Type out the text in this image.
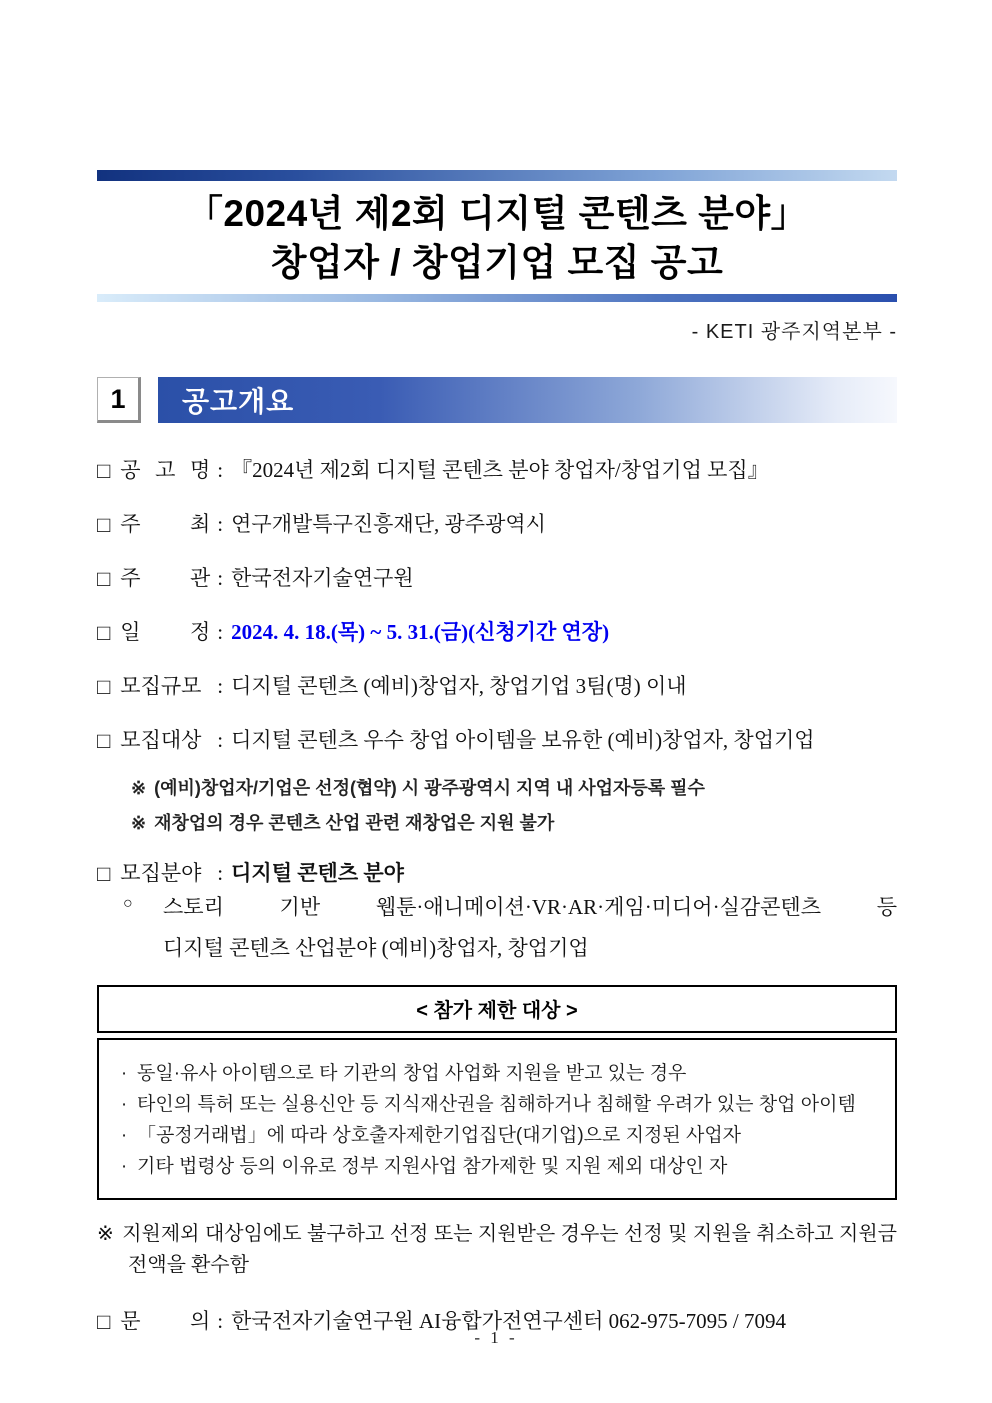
「2024년 제2회 디지털 콘텐츠 분야」
창업자 / 창업기업 모집 공고
- KETI 광주지역본부 -
1	공고개요
□ 공 고 명 : 『2024년 제2회 디지털 콘텐츠 분야 창업자/창업기업 모집』
□ 주 최 : 연구개발특구진흥재단, 광주광역시
□ 주 관 : 한국전자기술연구원
□ 일 정 : 2024. 4. 18.(목) ~ 5. 31.(금)(신청기간 연장)
□ 모집규모 : 디지털 콘텐츠 (예비)창업자, 창업기업 3팀(명) 이내
□ 모집대상 : 디지털 콘텐츠 우수 창업 아이템을 보유한 (예비)창업자, 창업기업
※ (예비)창업자/기업은 선정(협약) 시 광주광역시 지역 내 사업자등록 필수
※ 재창업의 경우 콘텐츠 산업 관련 재창업은 지원 불가
□ 모집분야 : 디지털 콘텐츠 분야
○	스토리 기반 웹툰·애니메이션·VR·AR·게임·미디어·실감콘텐츠 등
디지털 콘텐츠 산업분야 (예비)창업자, 창업기업
< 참가 제한 대상 >
· 동일·유사 아이템으로 타 기관의 창업 사업화 지원을 받고 있는 경우
· 타인의 특허 또는 실용신안 등 지식재산권을 침해하거나 침해할 우려가 있는 창업 아이템
· 「공정거래법」에 따라 상호출자제한기업집단(대기업)으로 지정된 사업자
· 기타 법령상 등의 이유로 정부 지원사업 참가제한 및 지원 제외 대상인 자
※ 지원제외 대상임에도 불구하고 선정 또는 지원받은 경우는 선정 및 지원을 취소하고 지원금 전액을 환수함
□ 문 의 : 한국전자기술연구원 AI융합가전연구센터 062-975-7095 / 7094
- 1 -
